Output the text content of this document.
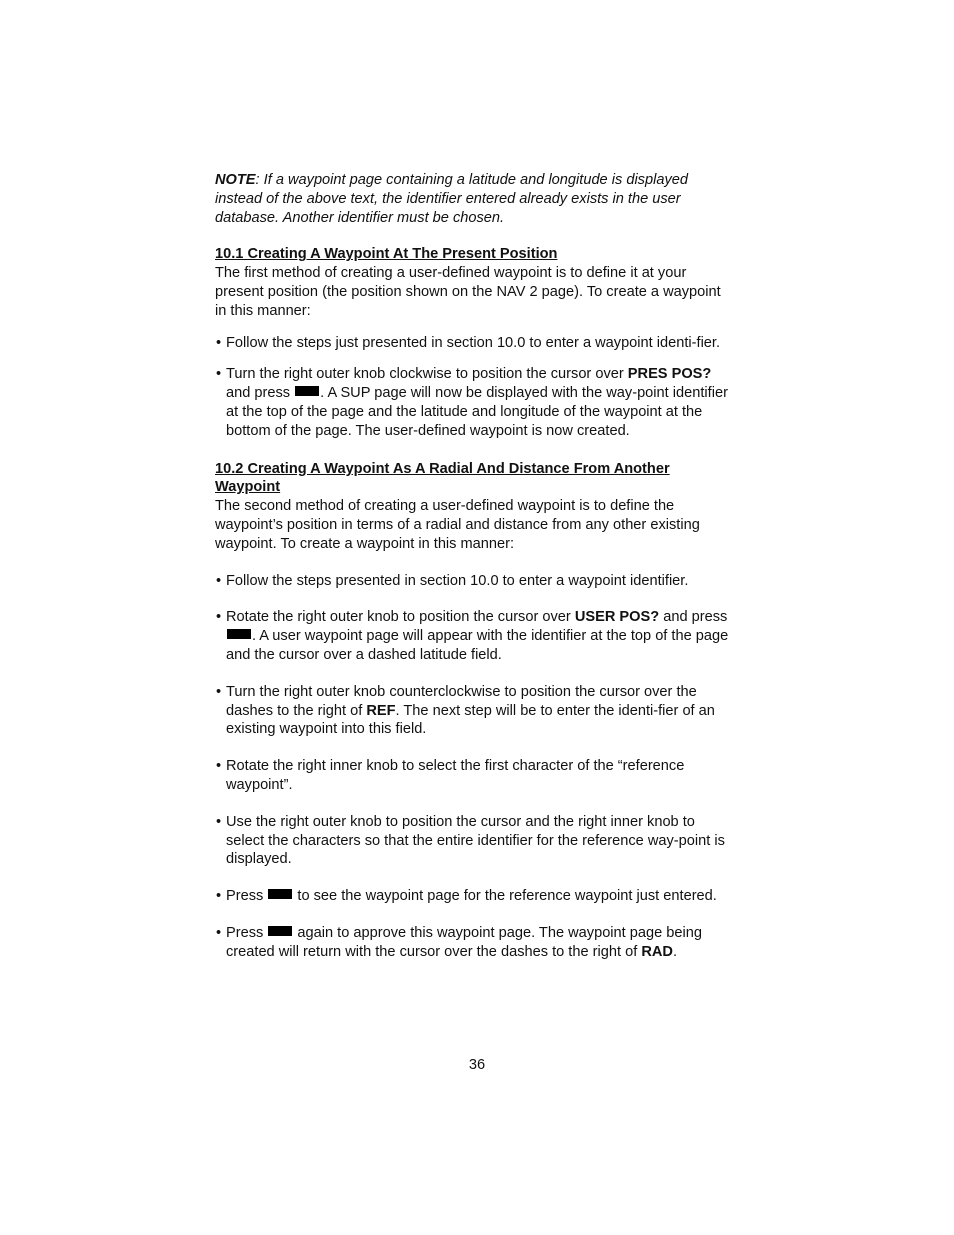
NOTE: If a waypoint page containing a latitude and longitude is displayed instead of the above text, the identifier entered already exists in the user database. Another identifier must be chosen.

10.1 Creating A Waypoint At The Present Position

The first method of creating a user-defined waypoint is to define it at your present position (the position shown on the NAV 2 page). To create a waypoint in this manner:

• Follow the steps just presented in section 10.0 to enter a waypoint identi-fier.

• Turn the right outer knob clockwise to position the cursor over PRES POS? and press . A SUP page will now be displayed with the way-point identifier at the top of the page and the latitude and longitude of the waypoint at the bottom of the page. The user-defined waypoint is now created.

10.2 Creating A Waypoint As A Radial And Distance From Another Waypoint

The second method of creating a user-defined waypoint is to define the waypoint’s position in terms of a radial and distance from any other existing waypoint. To create a waypoint in this manner:

• Follow the steps presented in section 10.0 to enter a waypoint identifier.

• Rotate the right outer knob to position the cursor over USER POS? and press . A user waypoint page will appear with the identifier at the top of the page and the cursor over a dashed latitude field.

• Turn the right outer knob counterclockwise to position the cursor over the dashes to the right of REF. The next step will be to enter the identi-fier of an existing waypoint into this field.

• Rotate the right inner knob to select the first character of the “reference waypoint”.

• Use the right outer knob to position the cursor and the right inner knob to select the characters so that the entire identifier for the reference way-point is displayed.

• Press  to see the waypoint page for the reference waypoint just entered.

• Press  again to approve this waypoint page. The waypoint page being created will return with the cursor over the dashes to the right of RAD.

36
